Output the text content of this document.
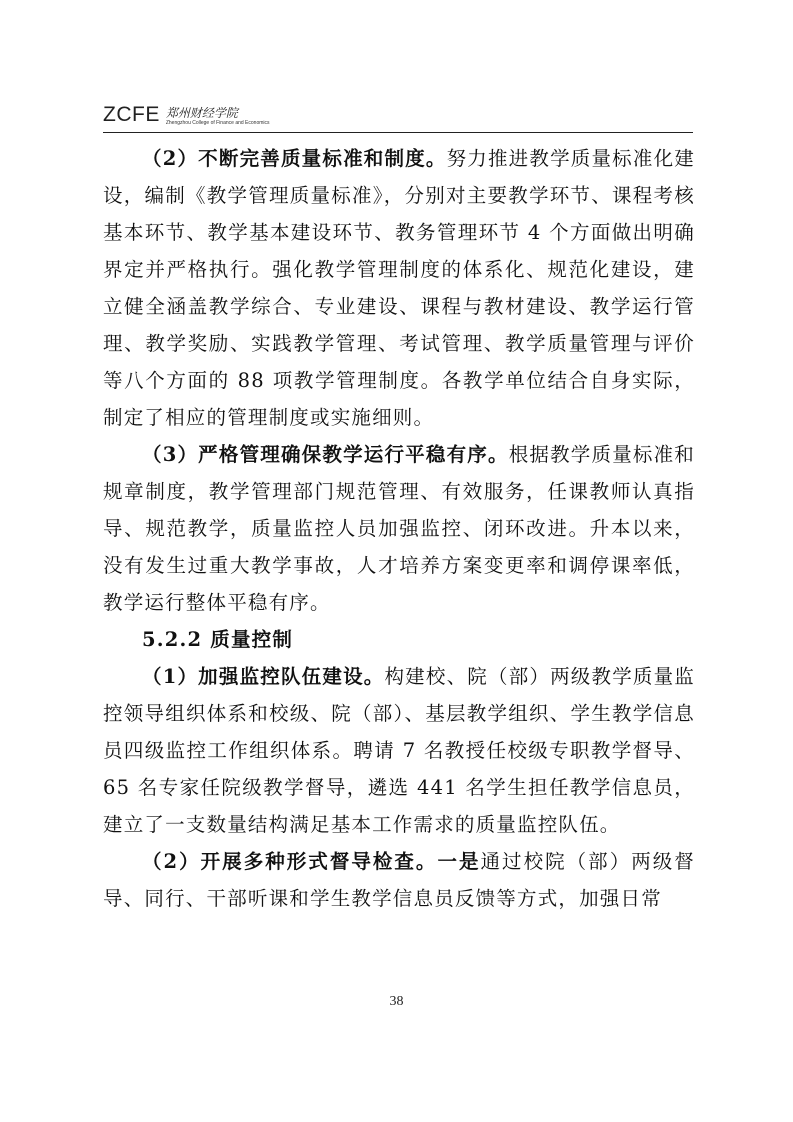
ZCFE 郑州财经学院
Zhengzhou College of Finance and Economics

（2）不断完善质量标准和制度。努力推进教学质量标准化建设，编制《教学管理质量标准》，分别对主要教学环节、课程考核基本环节、教学基本建设环节、教务管理环节 4 个方面做出明确界定并严格执行。强化教学管理制度的体系化、规范化建设，建立健全涵盖教学综合、专业建设、课程与教材建设、教学运行管理、教学奖励、实践教学管理、考试管理、教学质量管理与评价等八个方面的 88 项教学管理制度。各教学单位结合自身实际，制定了相应的管理制度或实施细则。

（3）严格管理确保教学运行平稳有序。根据教学质量标准和规章制度，教学管理部门规范管理、有效服务，任课教师认真指导、规范教学，质量监控人员加强监控、闭环改进。升本以来，没有发生过重大教学事故，人才培养方案变更率和调停课率低，教学运行整体平稳有序。

5.2.2 质量控制

（1）加强监控队伍建设。构建校、院（部）两级教学质量监控领导组织体系和校级、院（部）、基层教学组织、学生教学信息员四级监控工作组织体系。聘请 7 名教授任校级专职教学督导、65 名专家任院级教学督导，遴选 441 名学生担任教学信息员，建立了一支数量结构满足基本工作需求的质量监控队伍。

（2）开展多种形式督导检查。一是通过校院（部）两级督导、同行、干部听课和学生教学信息员反馈等方式，加强日常

38
